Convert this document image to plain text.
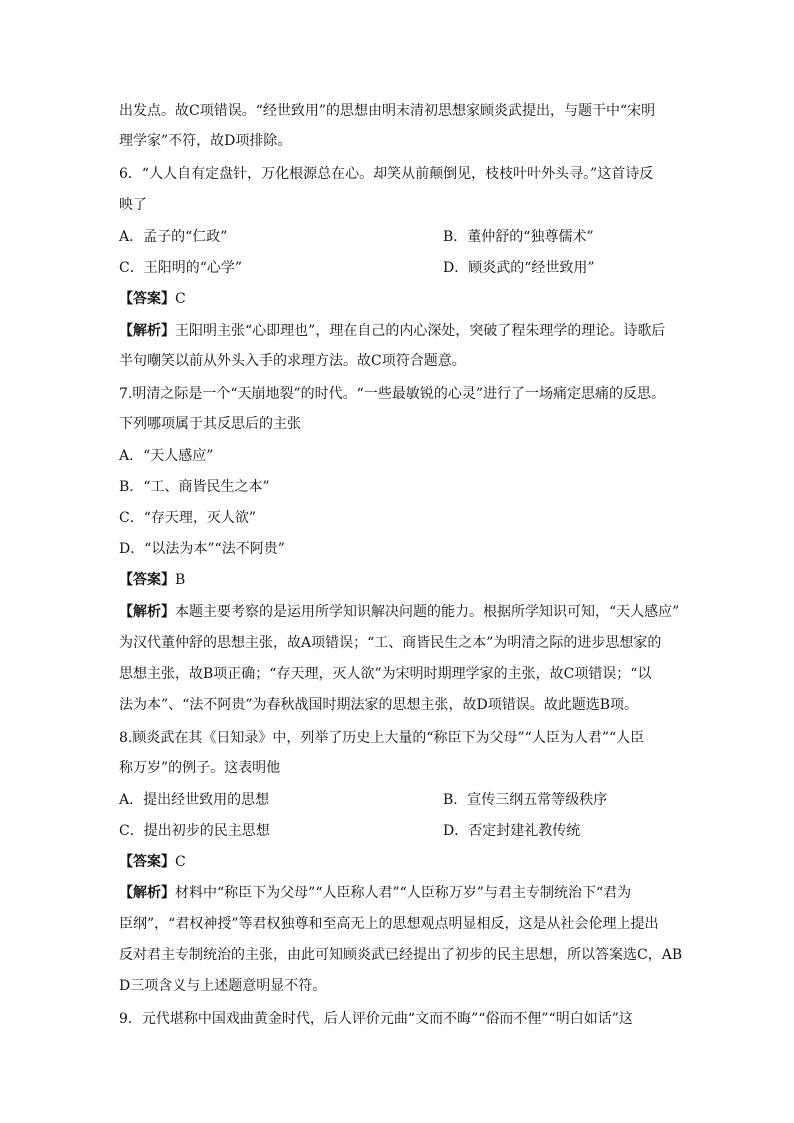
出发点。故C项错误。“经世致用”的思想由明末清初思想家顾炎武提出，与题干中“宋明
理学家”不符，故D项排除。
6．“人人自有定盘针，万化根源总在心。却笑从前颠倒见，枝枝叶叶外头寻。”这首诗反
映了
A．孟子的“仁政”	B．董仲舒的“独尊儒术”
C．王阳明的“心学”	D．顾炎武的“经世致用”
【答案】C
【解析】王阳明主张“心即理也”，理在自己的内心深处，突破了程朱理学的理论。诗歌后
半句嘲笑以前从外头入手的求理方法。故C项符合题意。
7.明清之际是一个“天崩地裂”的时代。“一些最敏锐的心灵”进行了一场痛定思痛的反思。
下列哪项属于其反思后的主张
A．“天人感应”
B．“工、商皆民生之本”
C．“存天理，灭人欲”
D．“以法为本”“法不阿贵”
【答案】B
【解析】本题主要考察的是运用所学知识解决问题的能力。根据所学知识可知，“天人感应”
为汉代董仲舒的思想主张，故A项错误；“工、商皆民生之本”为明清之际的进步思想家的
思想主张，故B项正确；“存天理，灭人欲”为宋明时期理学家的主张，故C项错误；“以
法为本”、“法不阿贵”为春秋战国时期法家的思想主张，故D项错误。故此题选B项。
8.顾炎武在其《日知录》中，列举了历史上大量的“称臣下为父母”“人臣为人君”“人臣
称万岁”的例子。这表明他
A．提出经世致用的思想	B．宣传三纲五常等级秩序
C．提出初步的民主思想	D．否定封建礼教传统
【答案】C
【解析】材料中“称臣下为父母”“人臣称人君”“人臣称万岁”与君主专制统治下“君为
臣纲”，“君权神授”等君权独尊和至高无上的思想观点明显相反，这是从社会伦理上提出
反对君主专制统治的主张，由此可知顾炎武已经提出了初步的民主思想，所以答案选C，AB
D三项含义与上述题意明显不符。
9．元代堪称中国戏曲黄金时代，后人评价元曲“文而不晦”“俗而不俚”“明白如话”这
